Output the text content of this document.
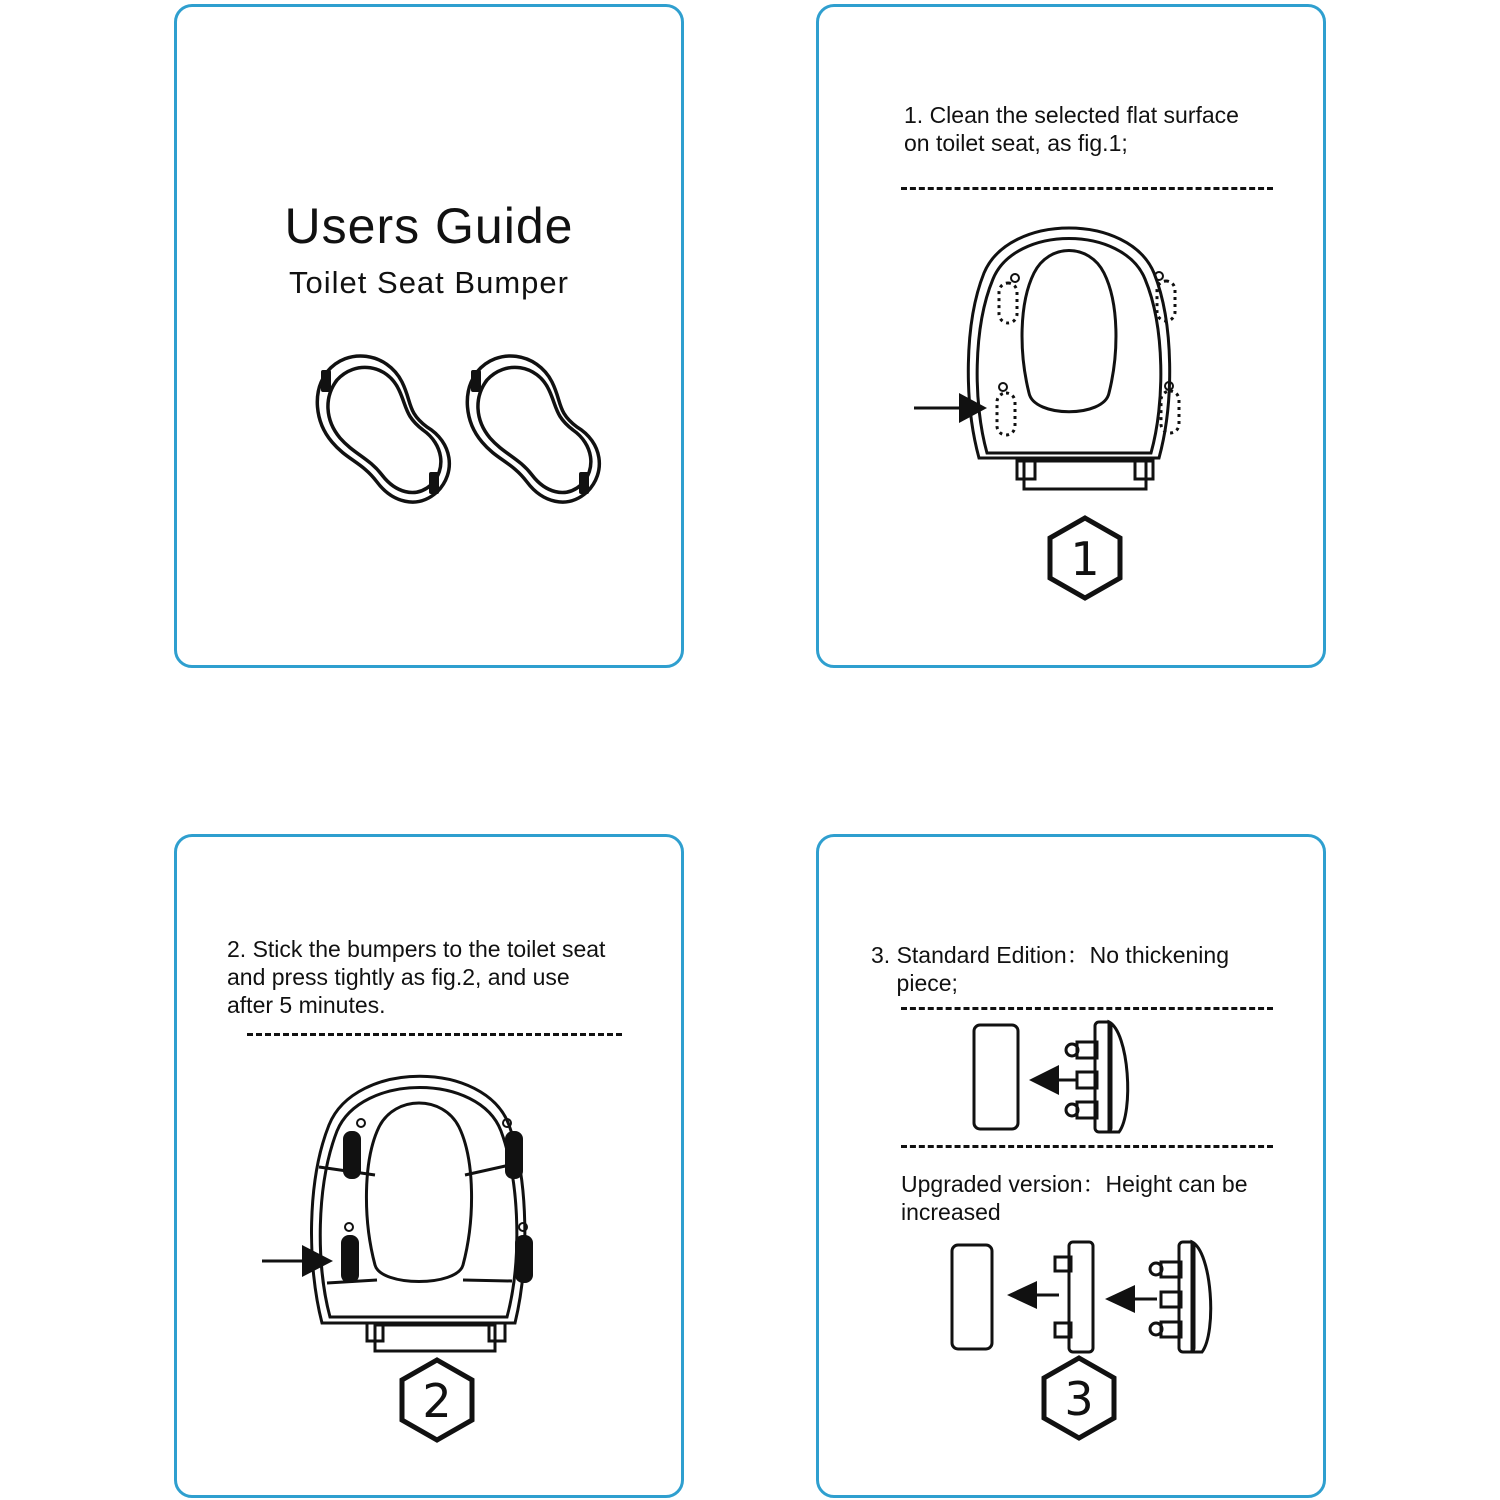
Users Guide
Toilet Seat Bumper
1. Clean the selected flat surface
on toilet seat, as fig.1;
1
2. Stick the bumpers to the toilet seat
and press tightly as fig.2, and use
after 5 minutes.
2
3. Standard Edition：No thickening
piece;
Upgraded version：Height can be
increased
3
